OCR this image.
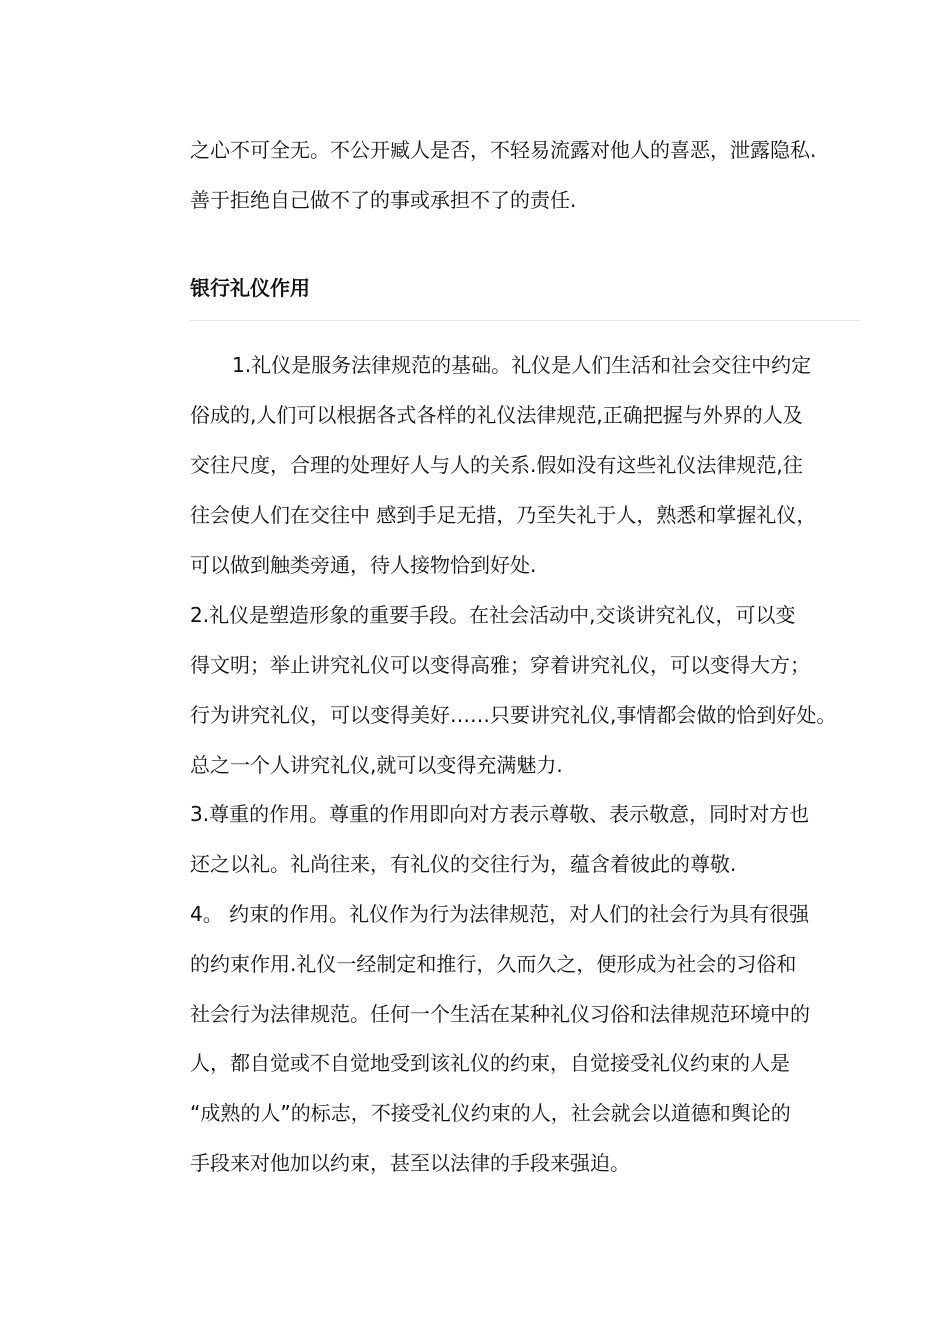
之心不可全无。不公开臧人是否，不轻易流露对他人的喜恶，泄露隐私.
善于拒绝自己做不了的事或承担不了的责任.
银行礼仪作用
1.礼仪是服务法律规范的基础。礼仪是人们生活和社会交往中约定
俗成的,人们可以根据各式各样的礼仪法律规范,正确把握与外界的人及
交往尺度，合理的处理好人与人的关系.假如没有这些礼仪法律规范,往
往会使人们在交往中 感到手足无措，乃至失礼于人，熟悉和掌握礼仪，
可以做到触类旁通，待人接物恰到好处.
2.礼仪是塑造形象的重要手段。在社会活动中,交谈讲究礼仪，可以变
得文明；举止讲究礼仪可以变得高雅；穿着讲究礼仪，可以变得大方；
行为讲究礼仪，可以变得美好……只要讲究礼仪,事情都会做的恰到好处。
总之一个人讲究礼仪,就可以变得充满魅力.
3.尊重的作用。尊重的作用即向对方表示尊敬、表示敬意，同时对方也
还之以礼。礼尚往来，有礼仪的交往行为，蕴含着彼此的尊敬.
4。 约束的作用。礼仪作为行为法律规范，对人们的社会行为具有很强
的约束作用.礼仪一经制定和推行，久而久之，便形成为社会的习俗和
社会行为法律规范。任何一个生活在某种礼仪习俗和法律规范环境中的
人，都自觉或不自觉地受到该礼仪的约束，自觉接受礼仪约束的人是
“成熟的人”的标志，不接受礼仪约束的人，社会就会以道德和舆论的
手段来对他加以约束，甚至以法律的手段来强迫。
